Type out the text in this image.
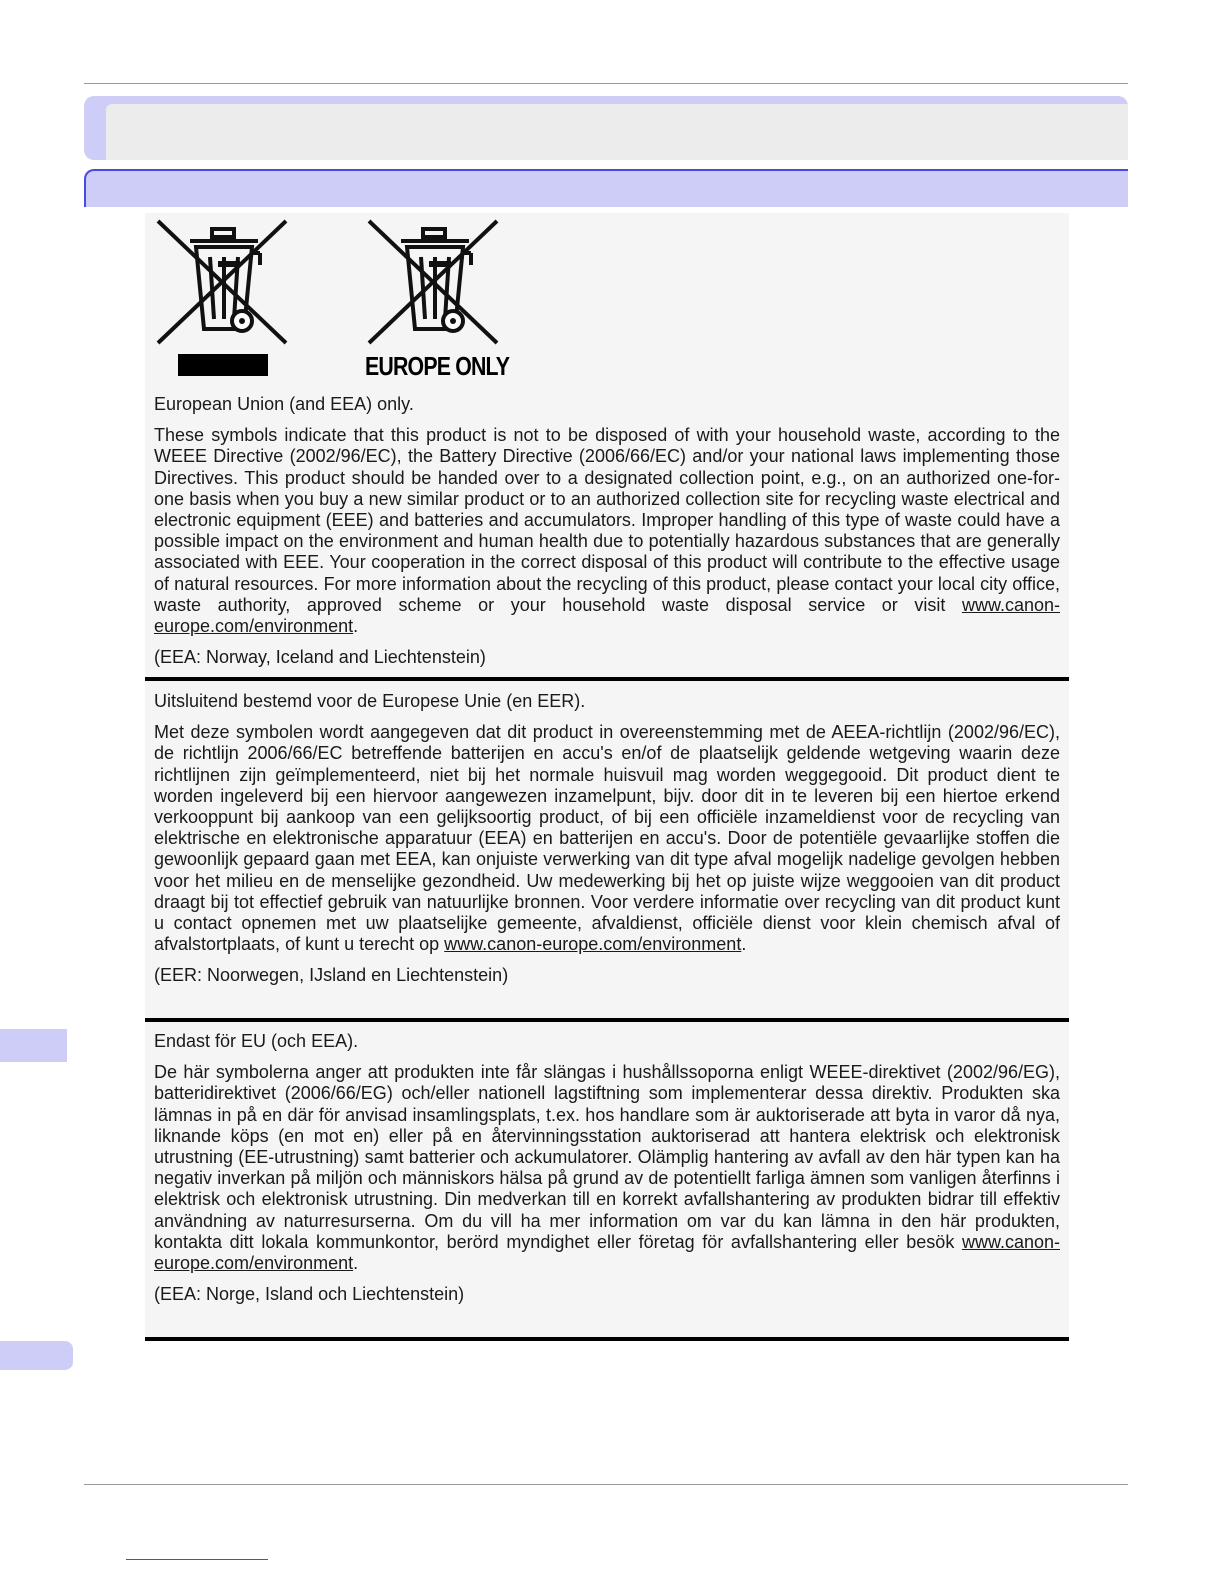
EUROPE ONLY

European Union (and EEA) only.

These symbols indicate that this product is not to be disposed of with your household waste, according to the WEEE Directive (2002/96/EC), the Battery Directive (2006/66/EC) and/or your national laws implementing those Directives. This product should be handed over to a designated collection point, e.g., on an authorized one-for-one basis when you buy a new similar product or to an authorized collection site for recycling waste electrical and electronic equipment (EEE) and batteries and accumulators. Improper handling of this type of waste could have a possible impact on the environment and human health due to potentially hazardous substances that are generally associated with EEE. Your cooperation in the correct disposal of this product will contribute to the effective usage of natural resources. For more information about the recycling of this product, please contact your local city office, waste authority, approved scheme or your household waste disposal service or visit www.canon-europe.com/environment.

(EEA: Norway, Iceland and Liechtenstein)

Uitsluitend bestemd voor de Europese Unie (en EER).

Met deze symbolen wordt aangegeven dat dit product in overeenstemming met de AEEA-richtlijn (2002/96/EC), de richtlijn 2006/66/EC betreffende batterijen en accu's en/of de plaatselijk geldende wetgeving waarin deze richtlijnen zijn geïmplementeerd, niet bij het normale huisvuil mag worden weggegooid. Dit product dient te worden ingeleverd bij een hiervoor aangewezen inzamelpunt, bijv. door dit in te leveren bij een hiertoe erkend verkooppunt bij aankoop van een gelijksoortig product, of bij een officiële inzameldienst voor de recycling van elektrische en elektronische apparatuur (EEA) en batterijen en accu's. Door de potentiële gevaarlijke stoffen die gewoonlijk gepaard gaan met EEA, kan onjuiste verwerking van dit type afval mogelijk nadelige gevolgen hebben voor het milieu en de menselijke gezondheid. Uw medewerking bij het op juiste wijze weggooien van dit product draagt bij tot effectief gebruik van natuurlijke bronnen. Voor verdere informatie over recycling van dit product kunt u contact opnemen met uw plaatselijke gemeente, afvaldienst, officiële dienst voor klein chemisch afval of afvalstortplaats, of kunt u terecht op www.canon-europe.com/environment.

(EER: Noorwegen, IJsland en Liechtenstein)

Endast för EU (och EEA).

De här symbolerna anger att produkten inte får slängas i hushållssoporna enligt WEEE-direktivet (2002/96/EG), batteridirektivet (2006/66/EG) och/eller nationell lagstiftning som implementerar dessa direktiv. Produkten ska lämnas in på en där för anvisad insamlingsplats, t.ex. hos handlare som är auktoriserade att byta in varor då nya, liknande köps (en mot en) eller på en återvinningsstation auktoriserad att hantera elektrisk och elektronisk utrustning (EE-utrustning) samt batterier och ackumulatorer. Olämplig hantering av avfall av den här typen kan ha negativ inverkan på miljön och människors hälsa på grund av de potentiellt farliga ämnen som vanligen återfinns i elektrisk och elektronisk utrustning. Din medverkan till en korrekt avfallshantering av produkten bidrar till effektiv användning av naturresurserna. Om du vill ha mer information om var du kan lämna in den här produkten, kontakta ditt lokala kommunkontor, berörd myndighet eller företag för avfallshantering eller besök www.canon-europe.com/environment.

(EEA: Norge, Island och Liechtenstein)
